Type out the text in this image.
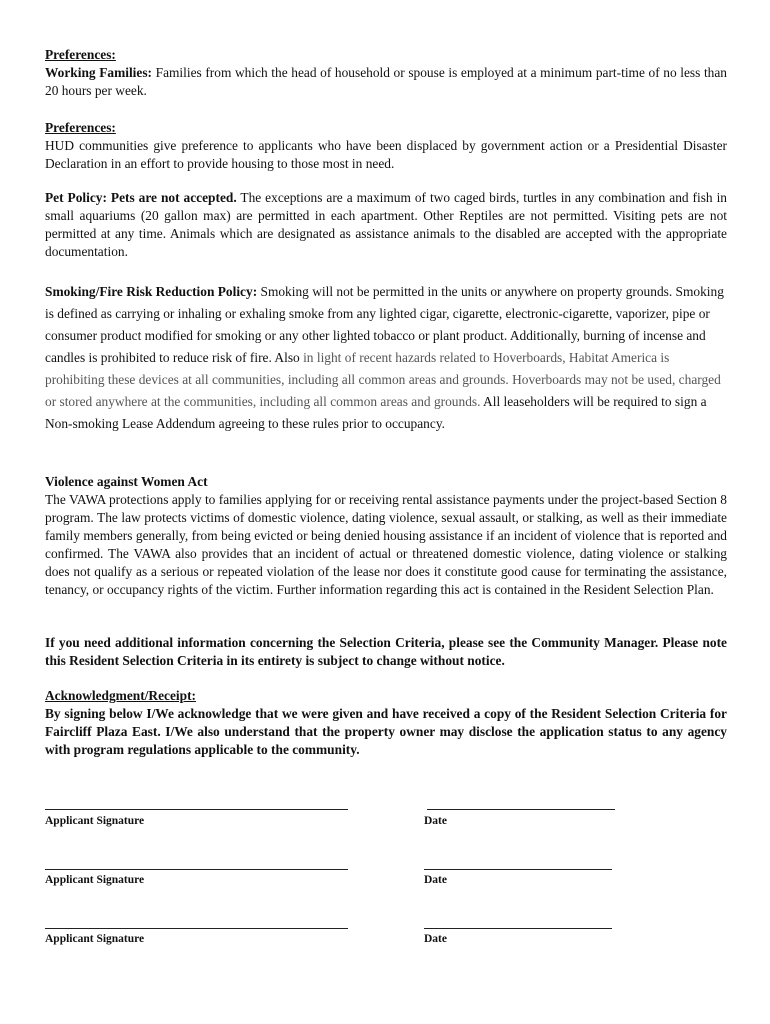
Preferences:

Working Families: Families from which the head of household or spouse is employed at a minimum part-time of no less than 20 hours per week.

Preferences:

HUD communities give preference to applicants who have been displaced by government action or a Presidential Disaster Declaration in an effort to provide housing to those most in need.

Pet Policy: Pets are not accepted. The exceptions are a maximum of two caged birds, turtles in any combination and fish in small aquariums (20 gallon max) are permitted in each apartment. Other Reptiles are not permitted. Visiting pets are not permitted at any time. Animals which are designated as assistance animals to the disabled are accepted with the appropriate documentation.

Smoking/Fire Risk Reduction Policy: Smoking will not be permitted in the units or anywhere on property grounds. Smoking is defined as carrying or inhaling or exhaling smoke from any lighted cigar, cigarette, electronic-cigarette, vaporizer, pipe or consumer product modified for smoking or any other lighted tobacco or plant product. Additionally, burning of incense and candles is prohibited to reduce risk of fire. Also in light of recent hazards related to Hoverboards, Habitat America is prohibiting these devices at all communities, including all common areas and grounds. Hoverboards may not be used, charged or stored anywhere at the communities, including all common areas and grounds. All leaseholders will be required to sign a Non-smoking Lease Addendum agreeing to these rules prior to occupancy.

Violence against Women Act

The VAWA protections apply to families applying for or receiving rental assistance payments under the project-based Section 8 program. The law protects victims of domestic violence, dating violence, sexual assault, or stalking, as well as their immediate family members generally, from being evicted or being denied housing assistance if an incident of violence that is reported and confirmed. The VAWA also provides that an incident of actual or threatened domestic violence, dating violence or stalking does not qualify as a serious or repeated violation of the lease nor does it constitute good cause for terminating the assistance, tenancy, or occupancy rights of the victim. Further information regarding this act is contained in the Resident Selection Plan.

If you need additional information concerning the Selection Criteria, please see the Community Manager. Please note this Resident Selection Criteria in its entirety is subject to change without notice.

Acknowledgment/Receipt:

By signing below I/We acknowledge that we were given and have received a copy of the Resident Selection Criteria for Faircliff Plaza East. I/We also understand that the property owner may disclose the application status to any agency with program regulations applicable to the community.

Applicant Signature	Date
Applicant Signature	Date
Applicant Signature	Date
